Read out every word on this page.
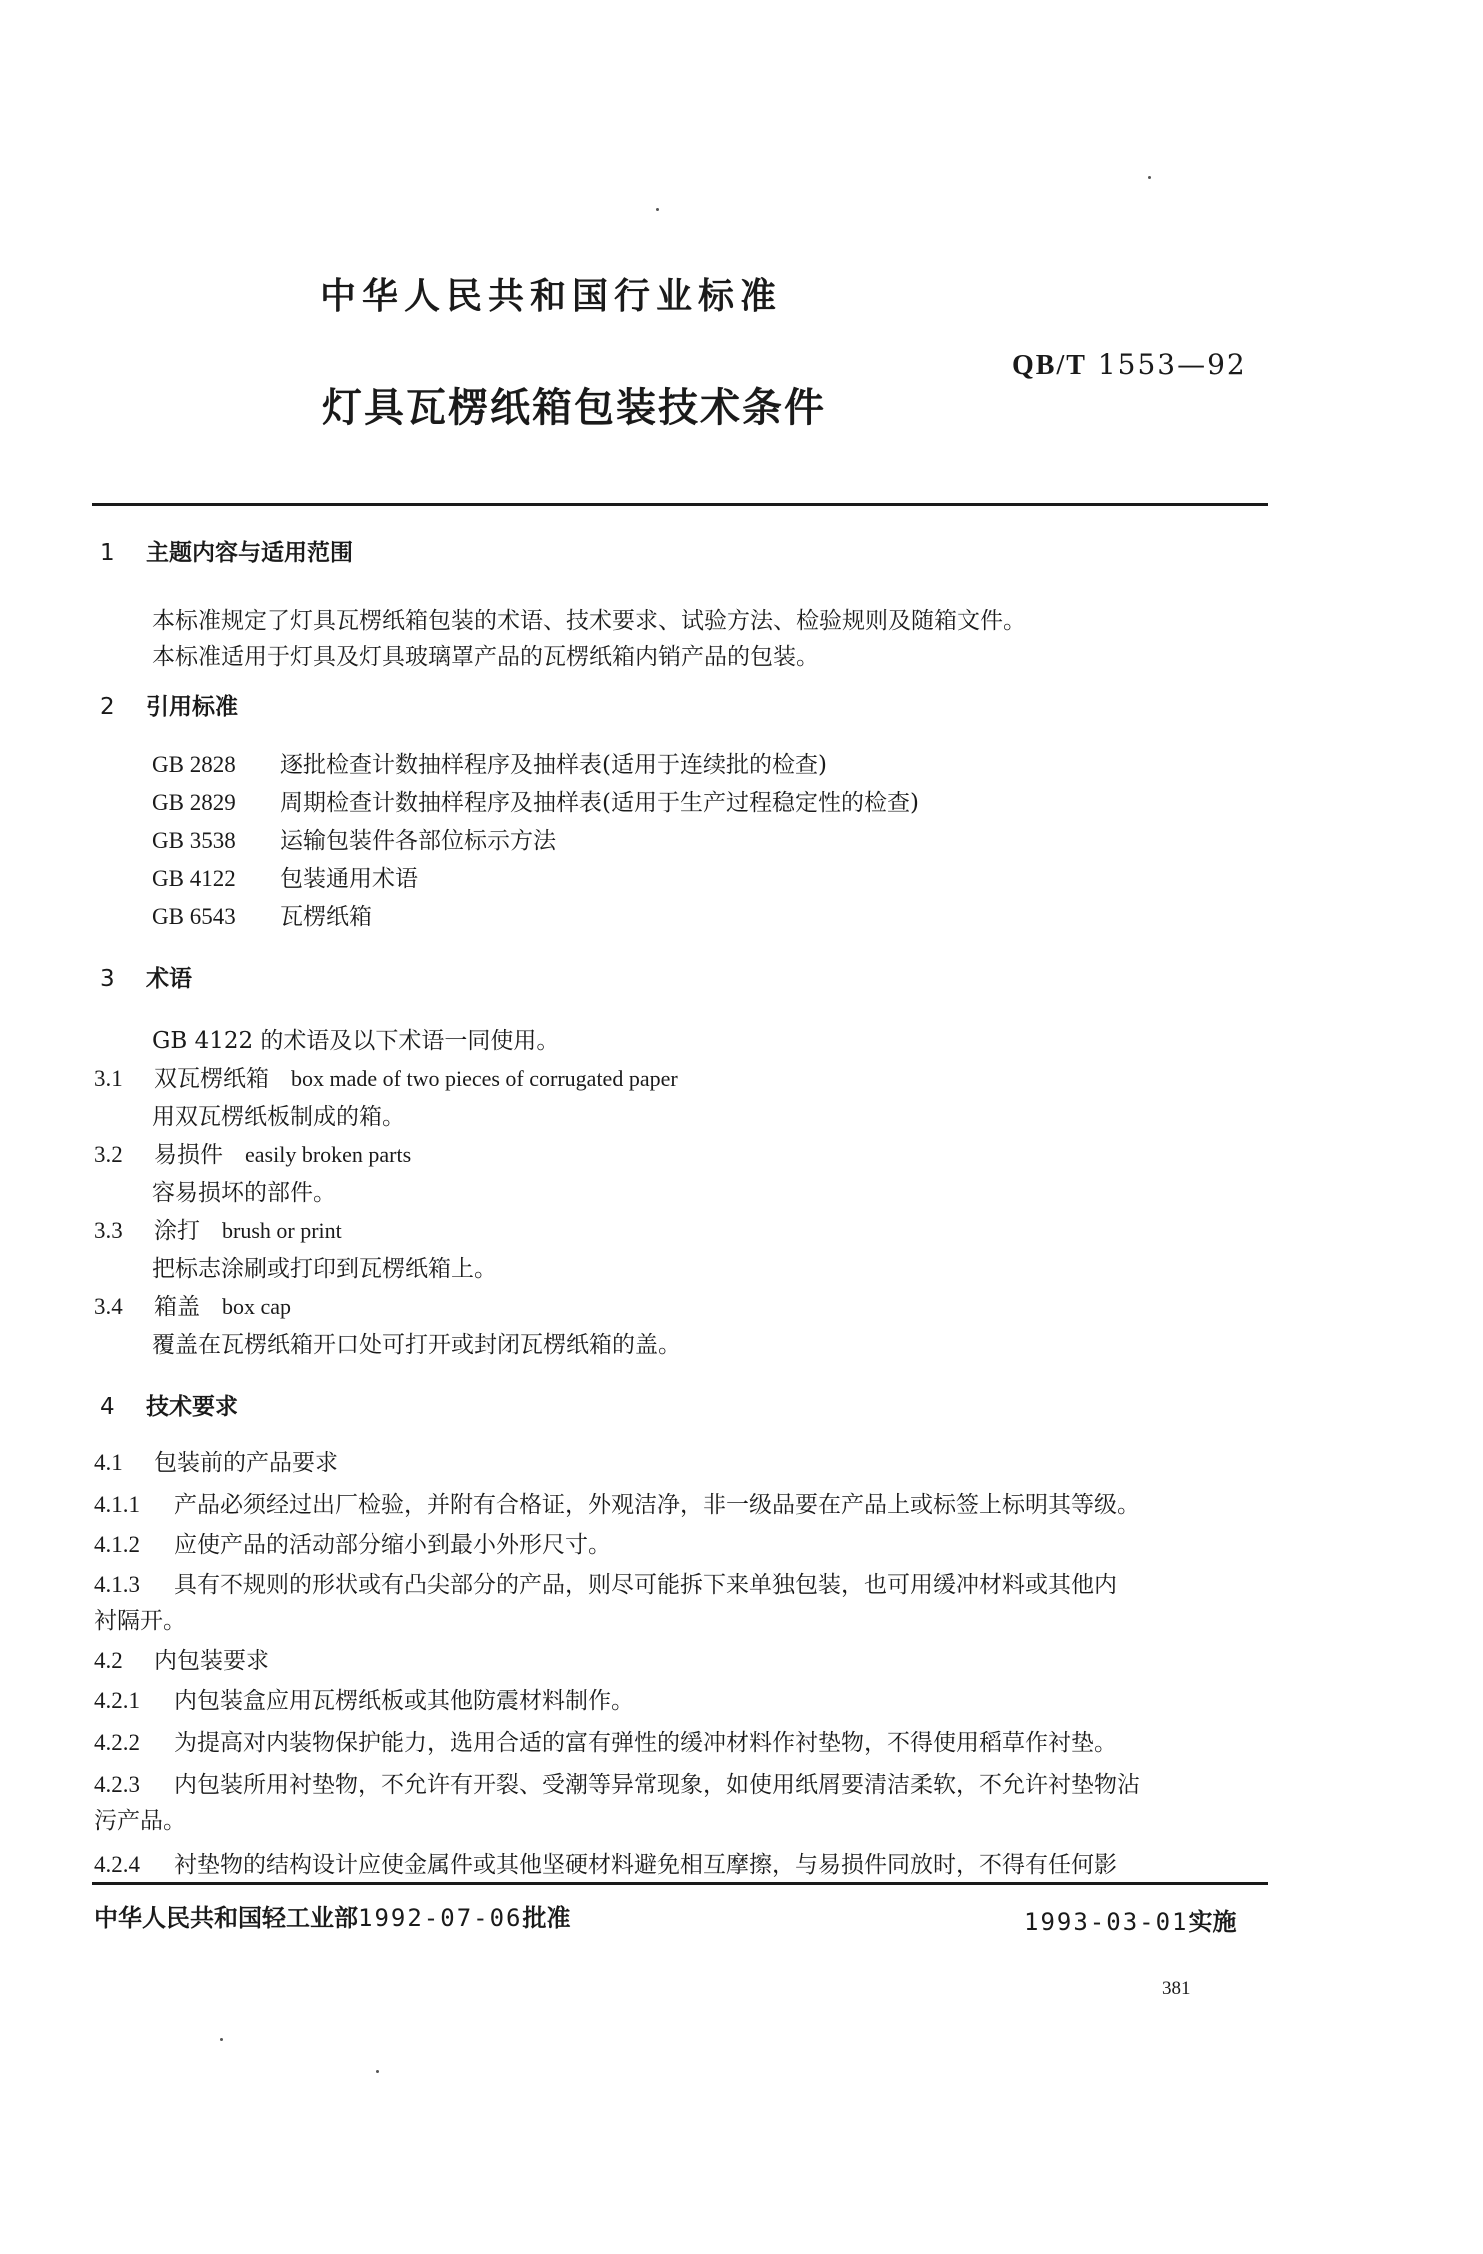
中华人民共和国行业标准
QB/T 1553—92
灯具瓦楞纸箱包装技术条件
1 主题内容与适用范围
本标准规定了灯具瓦楞纸箱包装的术语、技术要求、试验方法、检验规则及随箱文件。
本标准适用于灯具及灯具玻璃罩产品的瓦楞纸箱内销产品的包装。
2 引用标准
GB 2828 逐批检查计数抽样程序及抽样表(适用于连续批的检查)
GB 2829 周期检查计数抽样程序及抽样表(适用于生产过程稳定性的检查)
GB 3538 运输包装件各部位标示方法
GB 4122 包装通用术语
GB 6543 瓦楞纸箱
3 术语
GB 4122 的术语及以下术语一同使用。
3.1 双瓦楞纸箱 box made of two pieces of corrugated paper
用双瓦楞纸板制成的箱。
3.2 易损件 easily broken parts
容易损坏的部件。
3.3 涂打 brush or print
把标志涂刷或打印到瓦楞纸箱上。
3.4 箱盖 box cap
覆盖在瓦楞纸箱开口处可打开或封闭瓦楞纸箱的盖。
4 技术要求
4.1 包装前的产品要求
4.1.1 产品必须经过出厂检验，并附有合格证，外观洁净，非一级品要在产品上或标签上标明其等级。
4.1.2 应使产品的活动部分缩小到最小外形尺寸。
4.1.3 具有不规则的形状或有凸尖部分的产品，则尽可能拆下来单独包装，也可用缓冲材料或其他内
衬隔开。
4.2 内包装要求
4.2.1 内包装盒应用瓦楞纸板或其他防震材料制作。
4.2.2 为提高对内装物保护能力，选用合适的富有弹性的缓冲材料作衬垫物，不得使用稻草作衬垫。
4.2.3 内包装所用衬垫物，不允许有开裂、受潮等异常现象，如使用纸屑要清洁柔软，不允许衬垫物沾
污产品。
4.2.4 衬垫物的结构设计应使金属件或其他坚硬材料避免相互摩擦，与易损件同放时，不得有任何影
中华人民共和国轻工业部1992-07-06批准	1993-03-01实施
381
